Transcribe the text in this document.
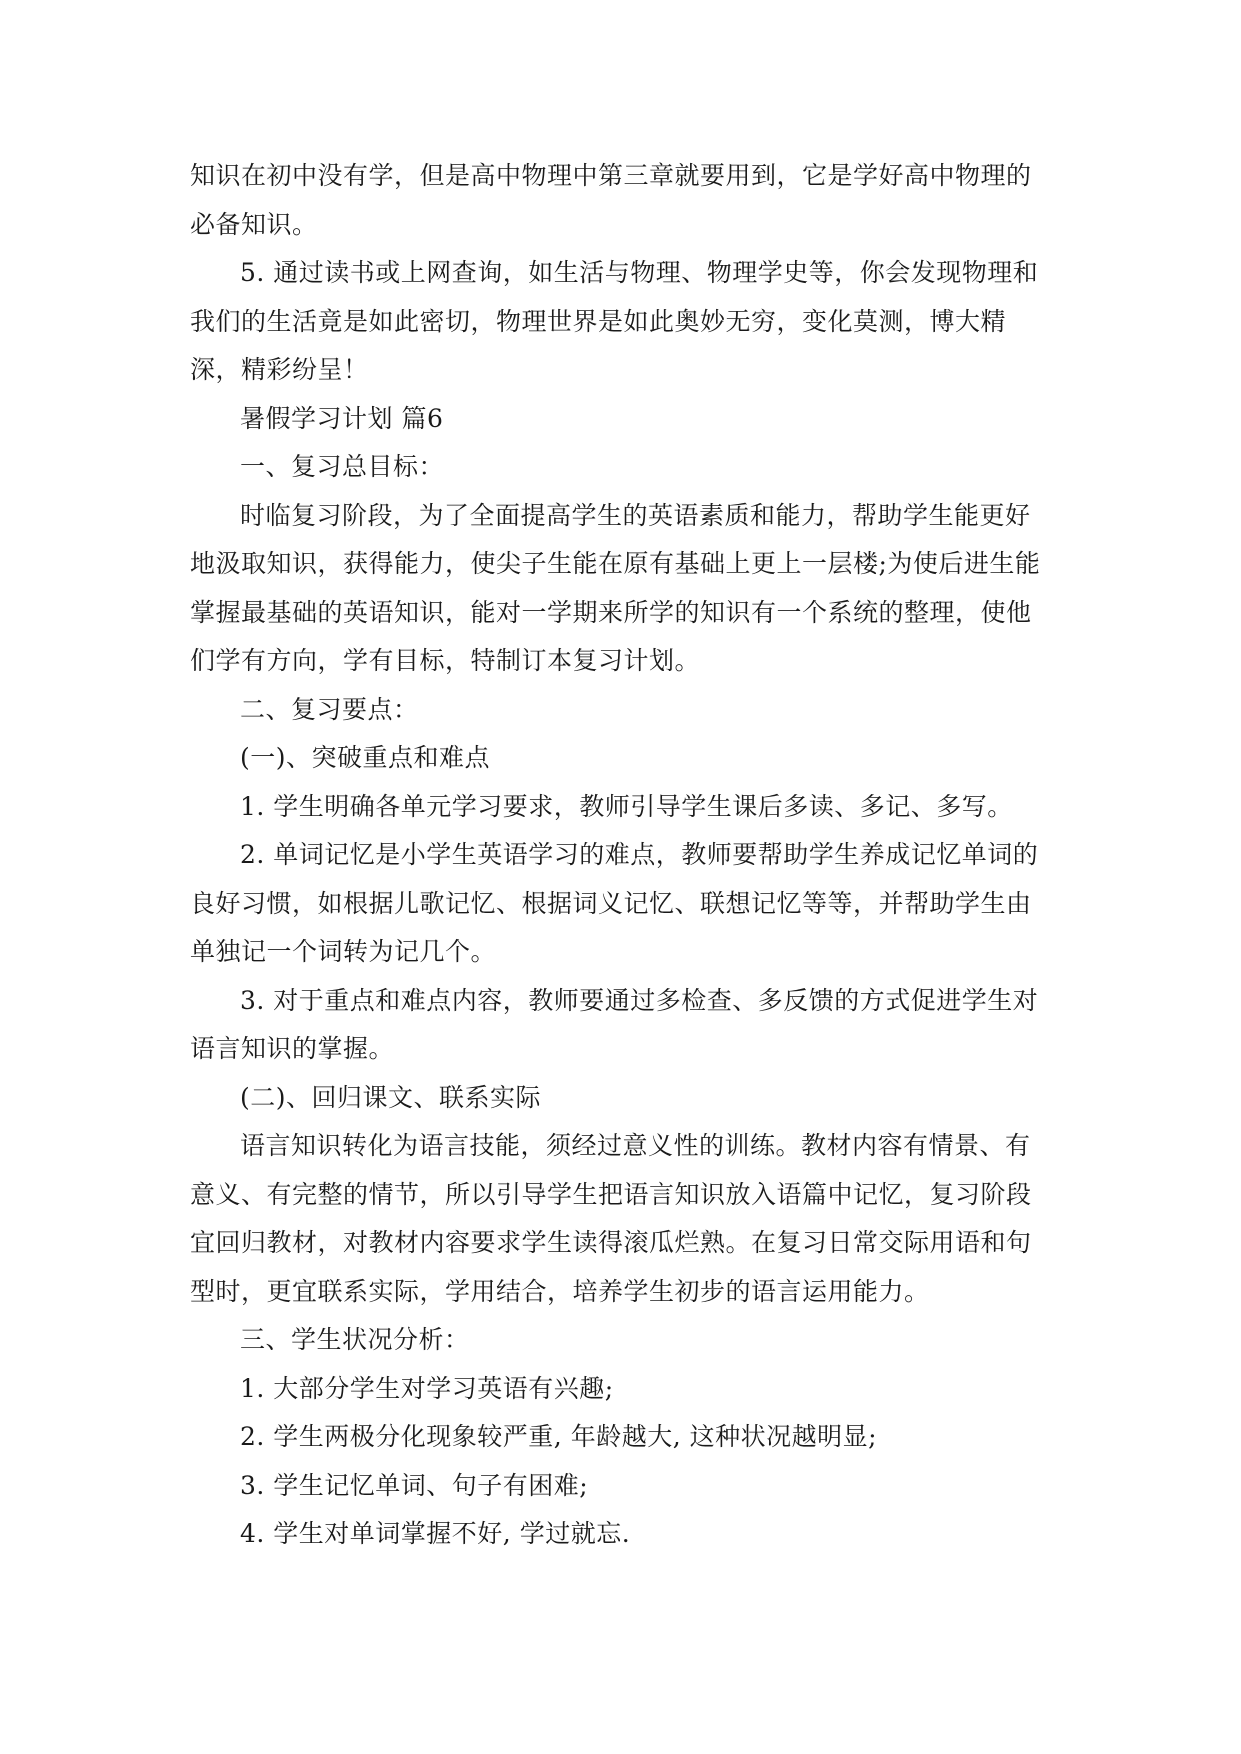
知识在初中没有学，但是高中物理中第三章就要用到，它是学好高中物理的必备知识。

5. 通过读书或上网查询，如生活与物理、物理学史等，你会发现物理和我们的生活竟是如此密切，物理世界是如此奥妙无穷，变化莫测，博大精深，精彩纷呈！

暑假学习计划 篇6

一、复习总目标：

时临复习阶段，为了全面提高学生的英语素质和能力，帮助学生能更好地汲取知识，获得能力，使尖子生能在原有基础上更上一层楼;为使后进生能掌握最基础的英语知识，能对一学期来所学的知识有一个系统的整理，使他们学有方向，学有目标，特制订本复习计划。

二、复习要点：

(一)、突破重点和难点

1. 学生明确各单元学习要求，教师引导学生课后多读、多记、多写。

2. 单词记忆是小学生英语学习的难点，教师要帮助学生养成记忆单词的良好习惯，如根据儿歌记忆、根据词义记忆、联想记忆等等，并帮助学生由单独记一个词转为记几个。

3. 对于重点和难点内容，教师要通过多检查、多反馈的方式促进学生对语言知识的掌握。

(二)、回归课文、联系实际

语言知识转化为语言技能，须经过意义性的训练。教材内容有情景、有意义、有完整的情节，所以引导学生把语言知识放入语篇中记忆，复习阶段宜回归教材，对教材内容要求学生读得滚瓜烂熟。在复习日常交际用语和句型时，更宜联系实际，学用结合，培养学生初步的语言运用能力。

三、学生状况分析：

1. 大部分学生对学习英语有兴趣;

2. 学生两极分化现象较严重, 年龄越大, 这种状况越明显;

3. 学生记忆单词、句子有困难;

4. 学生对单词掌握不好, 学过就忘.
